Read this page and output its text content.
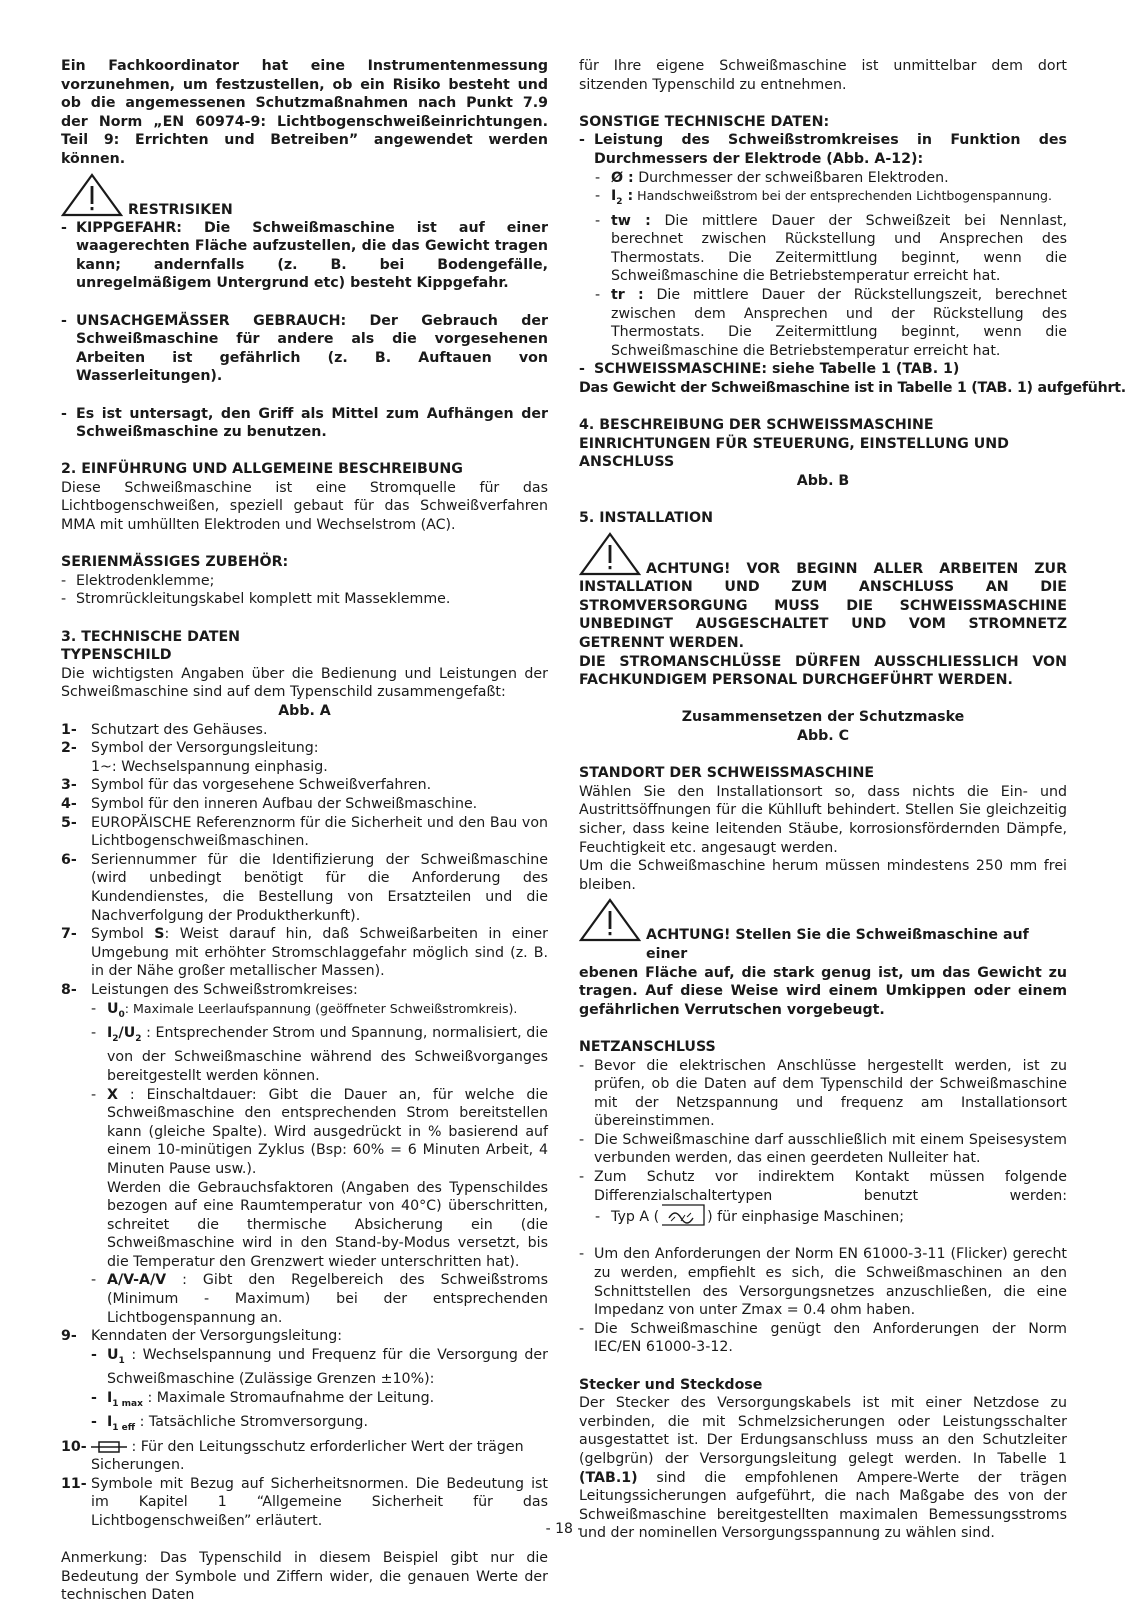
Ein Fachkoordinator hat eine Instrumentenmessung vorzunehmen, um festzustellen, ob ein Risiko besteht und ob die angemessenen Schutzmaßnahmen nach Punkt 7.9 der Norm „EN 60974-9: Lichtbogenschweißeinrichtungen. Teil 9: Errichten und Betreiben” angewendet werden können.

RESTRISIKEN
- KIPPGEFAHR: Die Schweißmaschine ist auf einer waagerechten Fläche aufzustellen, die das Gewicht tragen kann; andernfalls (z. B. bei Bodengefälle, unregelmäßigem Untergrund etc) besteht Kippgefahr.
- UNSACHGEMÄSSER GEBRAUCH: Der Gebrauch der Schweißmaschine für andere als die vorgesehenen Arbeiten ist gefährlich (z. B. Auftauen von Wasserleitungen).
- Es ist untersagt, den Griff als Mittel zum Aufhängen der Schweißmaschine zu benutzen.

2. EINFÜHRUNG UND ALLGEMEINE BESCHREIBUNG

Diese Schweißmaschine ist eine Stromquelle für das Lichtbogenschweißen, speziell gebaut für das Schweißverfahren MMA mit umhüllten Elektroden und Wechselstrom (AC).

SERIENMÄSSIGES ZUBEHÖR:

- Elektrodenklemme;
- Stromrückleitungskabel komplett mit Masseklemme.

3. TECHNISCHE DATEN

TYPENSCHILD

Die wichtigsten Angaben über die Bedienung und Leistungen der Schweißmaschine sind auf dem Typenschild zusammengefaßt:

Abb. A

1- Schutzart des Gehäuses.
2- Symbol der Versorgungsleitung:
1~: Wechselspannung einphasig.
3- Symbol für das vorgesehene Schweißverfahren.
4- Symbol für den inneren Aufbau der Schweißmaschine.
5- EUROPÄISCHE Referenznorm für die Sicherheit und den Bau von Lichtbogenschweißmaschinen.
6- Seriennummer für die Identifizierung der Schweißmaschine (wird unbedingt benötigt für die Anforderung des Kundendienstes, die Bestellung von Ersatzteilen und die Nachverfolgung der Produktherkunft).
7- Symbol S: Weist darauf hin, daß Schweißarbeiten in einer Umgebung mit erhöhter Stromschlaggefahr möglich sind (z. B. in der Nähe großer metallischer Massen).
8- Leistungen des Schweißstromkreises:
- $U_0$: Maximale Leerlaufspannung (geöffneter Schweißstromkreis).
- $I_2/U_2$ : Entsprechender Strom und Spannung, normalisiert, die von der Schweißmaschine während des Schweißvorganges bereitgestellt werden können.
- X : Einschaltdauer: Gibt die Dauer an, für welche die Schweißmaschine den entsprechenden Strom bereitstellen kann (gleiche Spalte). Wird ausgedrückt in % basierend auf einem 10-minütigen Zyklus (Bsp: 60% = 6 Minuten Arbeit, 4 Minuten Pause usw.).

Werden die Gebrauchsfaktoren (Angaben des Typenschildes bezogen auf eine Raumtemperatur von 40°C) überschritten, schreitet die thermische Absicherung ein (die Schweißmaschine wird in den Stand-by-Modus versetzt, bis die Temperatur den Grenzwert wieder unterschritten hat).

- A/V-A/V : Gibt den Regelbereich des Schweißstroms (Minimum - Maximum) bei der entsprechenden Lichtbogenspannung an.
9- Kenndaten der Versorgungsleitung:
- $U_1$ : Wechselspannung und Frequenz für die Versorgung der Schweißmaschine (Zulässige Grenzen ±10%):
- $I_{1 max}$ : Maximale Stromaufnahme der Leitung.
- $I_{1 eff}$ : Tatsächliche Stromversorgung.
10-	: Für den Leitungsschutz erforderlicher Wert der trägen
Sicherungen.
11- Symbole mit Bezug auf Sicherheitsnormen. Die Bedeutung ist im Kapitel 1 “Allgemeine Sicherheit für das Lichtbogenschweißen” erläutert.

Anmerkung: Das Typenschild in diesem Beispiel gibt nur die Bedeutung der Symbole und Ziffern wider, die genauen Werte der technischen Daten

für Ihre eigene Schweißmaschine ist unmittelbar dem dort sitzenden Typenschild zu entnehmen.

SONSTIGE TECHNISCHE DATEN:

- Leistung des Schweißstromkreises in Funktion des Durchmessers der Elektrode (Abb. A-12):
- Ø : Durchmesser der schweißbaren Elektroden.
- $I_2$ : Handschweißstrom bei der entsprechenden Lichtbogenspannung.
- tw : Die mittlere Dauer der Schweißzeit bei Nennlast, berechnet zwischen Rückstellung und Ansprechen des Thermostats. Die Zeitermittlung beginnt, wenn die Schweißmaschine die Betriebstemperatur erreicht hat.
- tr : Die mittlere Dauer der Rückstellungszeit, berechnet zwischen dem Ansprechen und der Rückstellung des Thermostats. Die Zeitermittlung beginnt, wenn die Schweißmaschine die Betriebstemperatur erreicht hat.
- SCHWEISSMASCHINE: siehe Tabelle 1 (TAB. 1)

Das Gewicht der Schweißmaschine ist in Tabelle 1 (TAB. 1) aufgeführt.

4. BESCHREIBUNG DER SCHWEISSMASCHINE

EINRICHTUNGEN FÜR STEUERUNG, EINSTELLUNG UND ANSCHLUSS

Abb. B

5. INSTALLATION

ACHTUNG! VOR BEGINN ALLER ARBEITEN ZUR

INSTALLATION UND ZUM ANSCHLUSS AN DIE STROMVERSORGUNG MUSS DIE SCHWEISSMASCHINE UNBEDINGT AUSGESCHALTET UND VOM STROMNETZ GETRENNT WERDEN.

DIE STROMANSCHLÜSSE DÜRFEN AUSSCHLIESSLICH VON FACHKUNDIGEM PERSONAL DURCHGEFÜHRT WERDEN.

Zusammensetzen der Schutzmaske

Abb. C

STANDORT DER SCHWEISSMASCHINE

Wählen Sie den Installationsort so, dass nichts die Ein- und Austrittsöffnungen für die Kühlluft behindert. Stellen Sie gleichzeitig sicher, dass keine leitenden Stäube, korrosionsfördernden Dämpfe, Feuchtigkeit etc. angesaugt werden.

Um die Schweißmaschine herum müssen mindestens 250 mm frei bleiben.

ACHTUNG! Stellen Sie die Schweißmaschine auf einer

ebenen Fläche auf, die stark genug ist, um das Gewicht zu tragen. Auf diese Weise wird einem Umkippen oder einem gefährlichen Verrutschen vorgebeugt.

NETZANSCHLUSS

- Bevor die elektrischen Anschlüsse hergestellt werden, ist zu prüfen, ob die Daten auf dem Typenschild der Schweißmaschine mit der Netzspannung und frequenz am Installationsort übereinstimmen.
- Die Schweißmaschine darf ausschließlich mit einem Speisesystem verbunden werden, das einen geerdeten Nulleiter hat.
- Zum Schutz vor indirektem Kontakt müssen folgende Differenzialschaltertypen benutzt werden:
- Typ A (	) für einphasige Maschinen;
- Um den Anforderungen der Norm EN 61000-3-11 (Flicker) gerecht zu werden, empfiehlt es sich, die Schweißmaschinen an den Schnittstellen des Versorgungsnetzes anzuschließen, die eine Impedanz von unter Zmax = 0.4 ohm haben.
- Die Schweißmaschine genügt den Anforderungen der Norm IEC/EN 61000-3-12.

Stecker und Steckdose

Der Stecker des Versorgungskabels ist mit einer Netzdose zu verbinden, die mit Schmelzsicherungen oder Leistungsschalter ausgestattet ist. Der Erdungsanschluss muss an den Schutzleiter (gelbgrün) der Versorgungsleitung gelegt werden. In Tabelle 1 (TAB.1) sind die empfohlenen Ampere-Werte der trägen Leitungssicherungen aufgeführt, die nach Maßgabe des von der Schweißmaschine bereitgestellten maximalen Bemessungsstroms und der nominellen Versorgungsspannung zu wählen sind.

- 18 -
